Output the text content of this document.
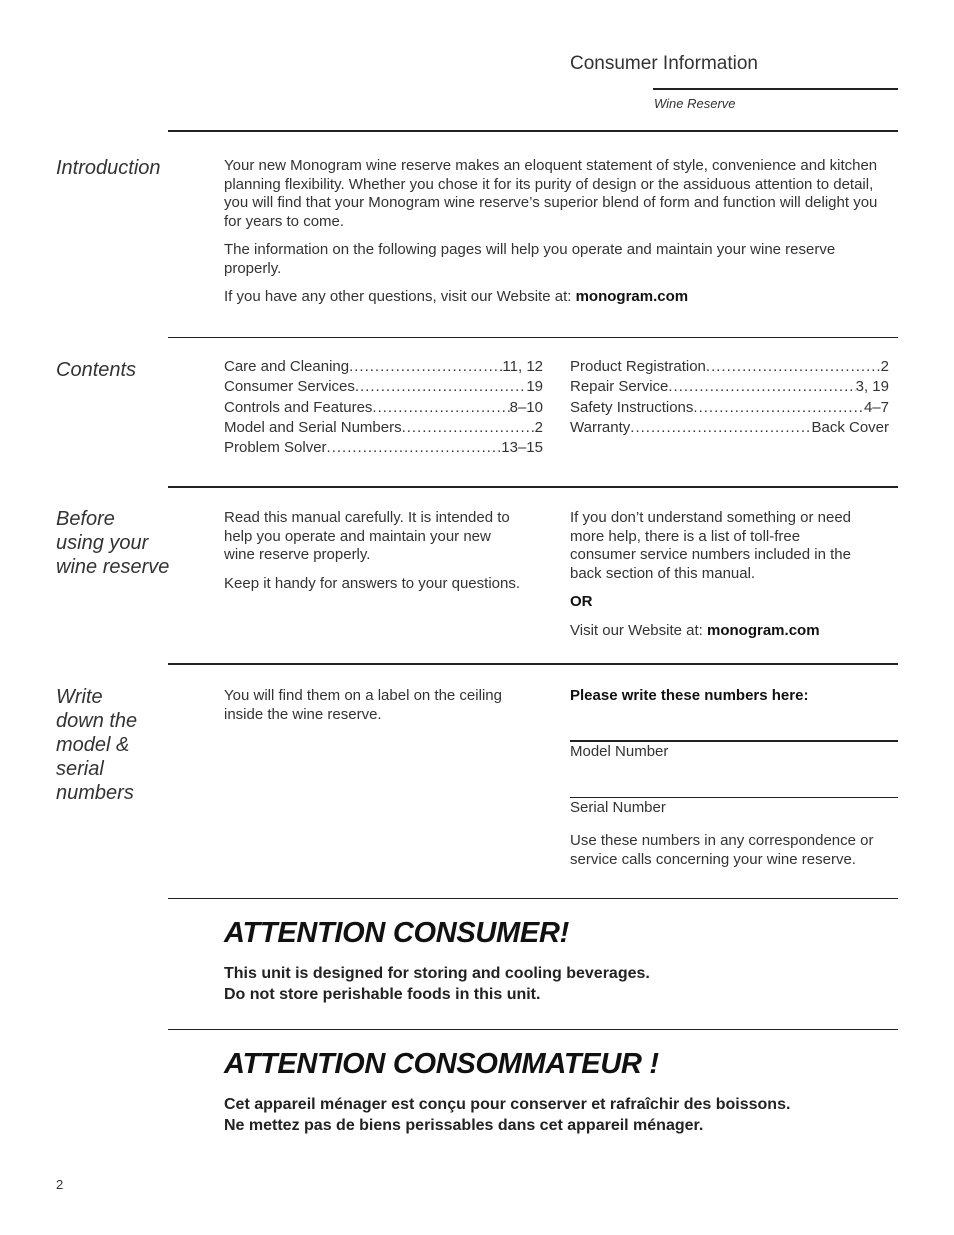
Consumer Information
Wine Reserve
Introduction	Your new Monogram wine reserve makes an eloquent statement of style, convenience and kitchen planning flexibility. Whether you chose it for its purity of design or the assiduous attention to detail, you will find that your Monogram wine reserve’s superior blend of form and function will delight you for years to come.

The information on the following pages will help you operate and maintain your wine reserve properly.

If you have any other questions, visit our Website at: monogram.com

Contents	Care and Cleaning .....	11, 12
Consumer Services .....	19
Controls and Features .....	8–10
Model and Serial Numbers .....	2
Problem Solver .....	13–15
Product Registration .....	2
Repair Service .....	3, 19
Safety Instructions .....	4–7
Warranty .....	Back Cover
Before
using your
wine reserve

Read this manual carefully. It is intended to help you operate and maintain your new wine reserve properly.

Keep it handy for answers to your questions.

If you don’t understand something or need more help, there is a list of toll-free consumer service numbers included in the back section of this manual.

OR

Visit our Website at: monogram.com

Write
down the
model &
serial
numbers
You will find them on a label on the ceiling inside the wine reserve.
Please write these numbers here:
Model Number
Serial Number
Use these numbers in any correspondence or service calls concerning your wine reserve.
ATTENTION CONSUMER!
This unit is designed for storing and cooling beverages.
Do not store perishable foods in this unit.
ATTENTION CONSOMMATEUR !
Cet appareil ménager est conçu pour conserver et rafraîchir des boissons.
Ne mettez pas de biens perissables dans cet appareil ménager.
2
